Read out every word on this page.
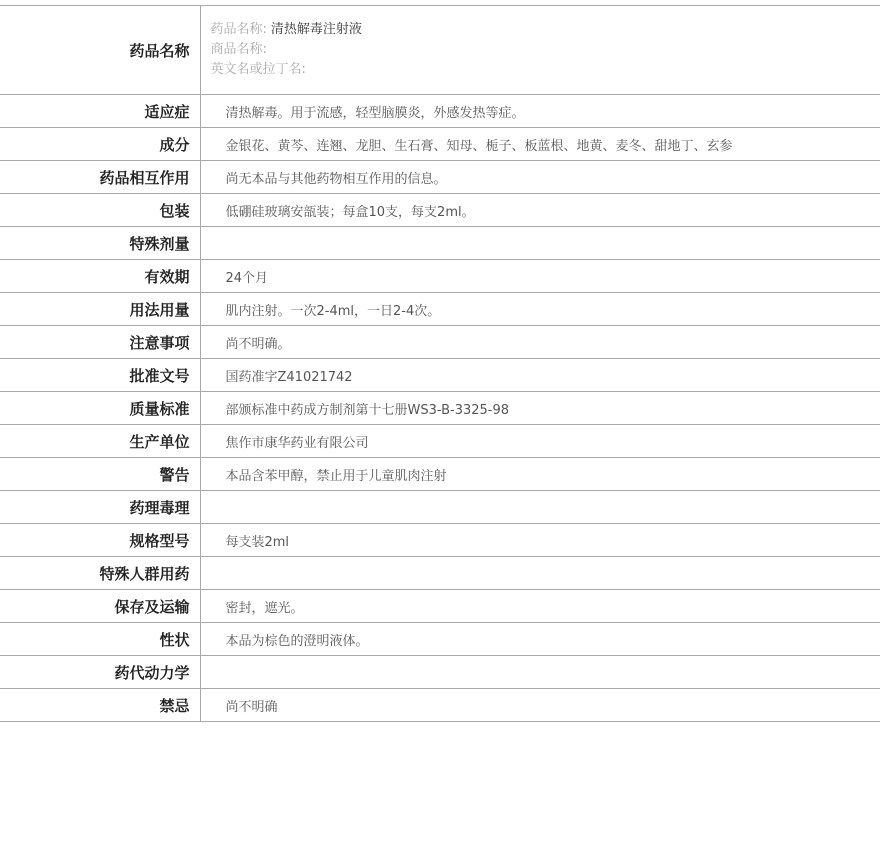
药品名称	药品名称: 清热解毒注射液
商品名称:
英文名或拉丁名:

适应症	清热解毒。用于流感，轻型脑膜炎，外感发热等症。
成分	金银花、黄芩、连翘、龙胆、生石膏、知母、栀子、板蓝根、地黄、麦冬、甜地丁、玄参
药品相互作用	尚无本品与其他药物相互作用的信息。
包装	低硼硅玻璃安瓿装；每盒10支，每支2ml。
特殊剂量	
有效期	24个月
用法用量	肌内注射。一次2-4ml，一日2-4次。
注意事项	尚不明确。
批准文号	国药准字Z41021742
质量标准	部颁标准中药成方制剂第十七册WS3-B-3325-98
生产单位	焦作市康华药业有限公司
警告	本品含苯甲醇，禁止用于儿童肌肉注射
药理毒理	
规格型号	每支装2ml
特殊人群用药	
保存及运输	密封，遮光。
性状	本品为棕色的澄明液体。
药代动力学	
禁忌	尚不明确
